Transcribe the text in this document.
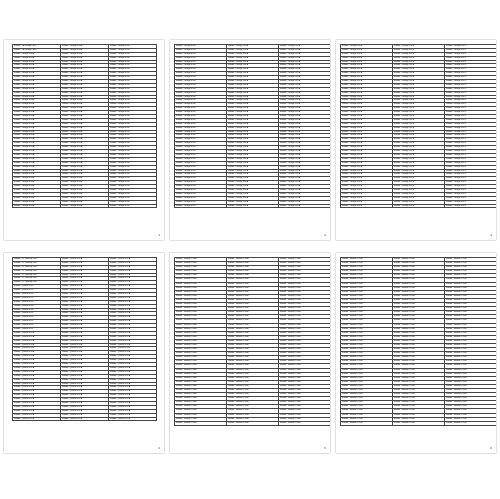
Toshiba - LA Desktop - AIO	Toshiba - Portege R30-A	Toshiba - Portege R930
Toshiba - LA Desktop - AIO	Toshiba - Portege R30-A	Toshiba - Portege R930
Toshiba - Portege R30-A	Toshiba - Portege R30-A	Toshiba - Portege R930
Toshiba - Portege R30-A	Toshiba - Portege R30-A	Toshiba - Portege R930
Toshiba - Portege R30-A	Toshiba - Portege R30-A	Toshiba - Portege R930
Toshiba - Portege R30-A	Toshiba - Portege R30-A	Toshiba - Portege R930
Toshiba - Portege R30-A	Toshiba - Portege R30-A	Toshiba - Portege R930
Toshiba - Portege R30-A	Toshiba - Portege R30-A	Toshiba - Portege R930
Toshiba - Portege R30-A	Toshiba - Portege R30-A	Toshiba - Portege R930
Toshiba - Portege R30-A	Toshiba - Portege R30-A	Toshiba - Portege R930
Toshiba - Portege R30-A	Toshiba - Portege R30-A	Toshiba - Portege R930
Toshiba - Portege R30-A	Toshiba - Portege R30-A	Toshiba - Portege R930
Toshiba - Portege R30-A	Toshiba - Portege R30-A	Toshiba - Portege R930
Toshiba - Portege R30-A	Toshiba - Portege R30-A	Toshiba - Portege R930
Toshiba - Portege R30-A	Toshiba - Portege R30-A	Toshiba - Portege R930
Toshiba - Portege R30-A	Toshiba - Portege R30-A	Toshiba - Portege R930
Toshiba - Portege R30-A	Toshiba - Portege R30-A	Toshiba - Portege R930
Toshiba - Portege R30-A	Toshiba - Portege R30-A	Toshiba - Portege R930
Toshiba - Portege R30-A	Toshiba - Portege R30-A	Toshiba - Portege R930
Toshiba - Portege R30-A	Toshiba - Portege R30-A	Toshiba - Portege R930
Toshiba - Portege R30-A	Toshiba - Portege R30-A	Toshiba - Portege R930
Toshiba - Portege R30-A	Toshiba - Portege R30-A	Toshiba - Portege R930
Toshiba - Portege R30-A	Toshiba - Portege R30-A	Toshiba - Portege R930
Toshiba - Portege R30-A	Toshiba - Portege R30-A	Toshiba - Portege R930
Toshiba - Portege R30-A	Toshiba - Portege R30-A	Toshiba - Portege R930
Toshiba - Portege R30-A	Toshiba - Portege R30-A	Toshiba - Portege R930
Toshiba - Portege R30-A	Toshiba - Portege R30-A	Toshiba - Portege R930
Toshiba - Portege R30-A	Toshiba - Portege R30-A	Toshiba - Portege R930
Toshiba - Portege R30-A	Toshiba - Portege R30-A	Toshiba - Portege R930
Toshiba - Portege R30-A	Toshiba - Portege R30-A	Toshiba - Portege R930
Toshiba - Portege R30-A	Toshiba - Portege R30-A	Toshiba - Portege R930
Toshiba - Portege R30-A	Toshiba - Portege R30-A	Toshiba - Portege R930
Toshiba - Portege R30-A	Toshiba - Portege R30-A	Toshiba - Portege R930
Toshiba - Portege R30-A	Toshiba - Portege R30-A	Toshiba - Portege R930
Toshiba - Portege R30-A	Toshiba - Portege R30-A	Toshiba - Portege R930
Toshiba - Portege R30-A	Toshiba - Portege R30-A	Toshiba - Portege R930
Toshiba - Portege R30-A	Toshiba - Portege R30-A	Toshiba - Portege R930
Toshiba - Portege R30-A	Toshiba - Portege R30-A	Toshiba - Portege R930
Toshiba - Portege R30-A	Toshiba - Portege R30-A	Toshiba - Portege R930
Toshiba - Portege R30-A	Toshiba - Portege R30-A	Toshiba - Portege R930
Toshiba - Portege R30-A	Toshiba - Portege R30-A	Toshiba - Portege R930
Toshiba - Portege R30-A	Toshiba - Portege R30-A	Toshiba - Portege R930
1
Toshiba - Portege R930	Toshiba - Portege Z30-A	Toshiba - Portege Z30-A
Toshiba - Portege R930	Toshiba - Portege Z30-A	Toshiba - Portege Z30-A
Toshiba - Portege R930	Toshiba - Portege Z30-A	Toshiba - Portege Z30-A
Toshiba - Portege R930	Toshiba - Portege Z30-A	Toshiba - Portege Z30-A
Toshiba - Portege R930	Toshiba - Portege Z30-A	Toshiba - Portege Z30-A
Toshiba - Portege R930	Toshiba - Portege Z30-A	Toshiba - Portege Z30-A
Toshiba - Portege R930	Toshiba - Portege Z30-A	Toshiba - Portege Z30-A
Toshiba - Portege R930	Toshiba - Portege Z30-A	Toshiba - Portege Z30-A
Toshiba - Portege R930	Toshiba - Portege Z30-A	Toshiba - Portege Z30-A
Toshiba - Portege R930	Toshiba - Portege Z30-A	Toshiba - Portege Z30-A
Toshiba - Portege R930	Toshiba - Portege Z30-A	Toshiba - Portege Z30-A
Toshiba - Portege R930	Toshiba - Portege Z30-A	Toshiba - Portege Z30-A
Toshiba - Portege R930	Toshiba - Portege Z30-A	Toshiba - Portege Z30-A
Toshiba - Portege R930	Toshiba - Portege Z30-A	Toshiba - Portege Z30-A
Toshiba - Portege R930	Toshiba - Portege Z30-A	Toshiba - Portege Z30-A
Toshiba - Portege R930	Toshiba - Portege Z30-A	Toshiba - Portege Z30-A
Toshiba - Portege R930	Toshiba - Portege Z30-A	Toshiba - Portege Z30-A
Toshiba - Portege R930	Toshiba - Portege Z30-A	Toshiba - Portege Z30-A
Toshiba - Portege R930	Toshiba - Portege Z30-A	Toshiba - Portege Z30-A
Toshiba - Portege R930	Toshiba - Portege Z30-A	Toshiba - Portege Z30-A
Toshiba - Portege R930	Toshiba - Portege Z30-A	Toshiba - Portege Z30-A
Toshiba - Portege R930	Toshiba - Portege Z30-A	Toshiba - Portege Z30-A
Toshiba - Portege R930	Toshiba - Portege Z30-A	Toshiba - Portege Z30-A
Toshiba - Portege R930	Toshiba - Portege Z30-A	Toshiba - Portege Z30-A
Toshiba - Portege R930	Toshiba - Portege Z30-A	Toshiba - Portege Z30-A
Toshiba - Portege R930	Toshiba - Portege Z30-A	Toshiba - Portege Z30-A
Toshiba - Portege R930	Toshiba - Portege Z30-A	Toshiba - Portege Z30-A
Toshiba - Portege R930	Toshiba - Portege Z30-A	Toshiba - Portege Z30-A
Toshiba - Portege R930	Toshiba - Portege Z30-A	Toshiba - Portege Z30-A
Toshiba - Portege R930	Toshiba - Portege Z30-A	Toshiba - Portege Z30-A
Toshiba - Portege R930	Toshiba - Portege Z30-A	Toshiba - Portege Z30-A
Toshiba - Portege R930	Toshiba - Portege Z30-A	Toshiba - Portege Z30-A
Toshiba - Portege R930	Toshiba - Portege Z30-A	Toshiba - Portege Z30-A
Toshiba - Portege R930	Toshiba - Portege Z30-A	Toshiba - Portege Z30-A
Toshiba - Portege R930	Toshiba - Portege Z30-A	Toshiba - Portege Z30-A
Toshiba - Portege R930	Toshiba - Portege Z30-A	Toshiba - Portege Z30-A
Toshiba - Portege R930	Toshiba - Portege Z30-A	Toshiba - Portege Z30-A
Toshiba - Portege R930	Toshiba - Portege Z30-A	Toshiba - Portege Z30-A
Toshiba - Portege R930	Toshiba - Portege Z30-A	Toshiba - Portege Z30-A
Toshiba - Portege R930	Toshiba - Portege Z30-A	Toshiba - Portege Z30-A
Toshiba - Portege R930	Toshiba - Portege Z30-A	Toshiba - Portege Z30-A
Toshiba - Portege R930	Toshiba - Portege Z30-A	Toshiba - Portege Z30-A
2
Toshiba - Portege Z30-B	Toshiba - Portege Z30-B	Toshiba - Portege Z30-C
Toshiba - Portege Z30-B	Toshiba - Portege Z30-B	Toshiba - Portege Z30-C
Toshiba - Portege Z30-B	Toshiba - Portege Z30-B	Toshiba - Portege Z30-C
Toshiba - Portege Z30-B	Toshiba - Portege Z30-B	Toshiba - Portege Z30-C
Toshiba - Portege Z30-B	Toshiba - Portege Z30-B	Toshiba - Portege Z30-C
Toshiba - Portege Z30-B	Toshiba - Portege Z30-B	Toshiba - Portege Z30-C
Toshiba - Portege Z30-B	Toshiba - Portege Z30-B	Toshiba - Portege Z30-C
Toshiba - Portege Z30-B	Toshiba - Portege Z30-B	Toshiba - Portege Z30-C
Toshiba - Portege Z30-B	Toshiba - Portege Z30-B	Toshiba - Portege Z30-C
Toshiba - Portege Z30-B	Toshiba - Portege Z30-B	Toshiba - Portege Z30-C
Toshiba - Portege Z30-B	Toshiba - Portege Z30-B	Toshiba - Portege Z30-C
Toshiba - Portege Z30-B	Toshiba - Portege Z30-B	Toshiba - Portege Z30-C
Toshiba - Portege Z30-B	Toshiba - Portege Z30-B	Toshiba - Portege Z30-C
Toshiba - Portege Z30-B	Toshiba - Portege Z30-B	Toshiba - Portege Z30-C
Toshiba - Portege Z30-B	Toshiba - Portege Z30-B	Toshiba - Portege Z30-C
Toshiba - Portege Z30-B	Toshiba - Portege Z30-B	Toshiba - Portege Z30-C
Toshiba - Portege Z30-B	Toshiba - Portege Z30-B	Toshiba - Portege Z30-C
Toshiba - Portege Z30-B	Toshiba - Portege Z30-B	Toshiba - Portege Z30-C
Toshiba - Portege Z30-B	Toshiba - Portege Z30-B	Toshiba - Portege Z30-C
Toshiba - Portege Z30-B	Toshiba - Portege Z30-B	Toshiba - Portege Z30-C
Toshiba - Portege Z30-B	Toshiba - Portege Z30-B	Toshiba - Portege Z30-C
Toshiba - Portege Z30-B	Toshiba - Portege Z30-B	Toshiba - Portege Z30-C
Toshiba - Portege Z30-B	Toshiba - Portege Z30-B	Toshiba - Portege Z30-C
Toshiba - Portege Z30-B	Toshiba - Portege Z30-B	Toshiba - Portege Z30-C
Toshiba - Portege Z30-B	Toshiba - Portege Z30-B	Toshiba - Portege Z30-C
Toshiba - Portege Z30-B	Toshiba - Portege Z30-B	Toshiba - Portege Z30-C
Toshiba - Portege Z30-B	Toshiba - Portege Z30-B	Toshiba - Portege Z30-C
Toshiba - Portege Z30-B	Toshiba - Portege Z30-B	Toshiba - Portege Z30-C
Toshiba - Portege Z30-B	Toshiba - Portege Z30-B	Toshiba - Portege Z30-C
Toshiba - Portege Z30-B	Toshiba - Portege Z30-B	Toshiba - Portege Z30-C
Toshiba - Portege Z30-B	Toshiba - Portege Z30-B	Toshiba - Portege Z30-C
Toshiba - Portege Z30-B	Toshiba - Portege Z30-B	Toshiba - Portege Z30-C
Toshiba - Portege Z30-B	Toshiba - Portege Z30-B	Toshiba - Portege Z30-C
Toshiba - Portege Z30-B	Toshiba - Portege Z30-B	Toshiba - Portege Z30-C
Toshiba - Portege Z30-B	Toshiba - Portege Z30-B	Toshiba - Portege Z30-C
Toshiba - Portege Z30-B	Toshiba - Portege Z30-B	Toshiba - Portege Z30-C
Toshiba - Portege Z30-B	Toshiba - Portege Z30-B	Toshiba - Portege Z30-C
Toshiba - Portege Z30-B	Toshiba - Portege Z30-B	Toshiba - Portege Z30-C
Toshiba - Portege Z30-B	Toshiba - Portege Z30-B	Toshiba - Portege Z30-C
Toshiba - Portege Z30-B	Toshiba - Portege Z30-B	Toshiba - Portege Z30-C
Toshiba - Portege Z30-B	Toshiba - Portege Z30-B	Toshiba - Portege Z30-C
Toshiba - Portege Z30-B	Toshiba - Portege Z30-B	Toshiba - Portege Z30-C
3
Toshiba - PC Desktop P300	Toshiba - Qosmio X70-A	Toshiba - Qosmio X70-A
Toshiba - PC Desktop P300	Toshiba - Qosmio X70-A	Toshiba - Qosmio X70-A
Toshiba - PC Desktop P300	Toshiba - Qosmio X70-A	Toshiba - Qosmio X70-A
Toshiba - PC Desktop P300	Toshiba - Qosmio X70-A	Toshiba - Qosmio X70-A
Toshiba - PC Desktop P300	Toshiba - Qosmio X70-A	Toshiba - Qosmio X70-A
Toshiba - PC Desktop P300	Toshiba - Qosmio X70-A	Toshiba - Qosmio X70-A
Toshiba - PC Desktop P300	Toshiba - Qosmio X70-A	Toshiba - Qosmio X70-A
Toshiba - Qosmio F750	Toshiba - Qosmio X70-A	Toshiba - Qosmio X70-A
Toshiba - Qosmio F750	Toshiba - Qosmio X70-A	Toshiba - Qosmio X70-A
Toshiba - Qosmio F750	Toshiba - Qosmio X70-A	Toshiba - Qosmio X70-A
Toshiba - Qosmio F750	Toshiba - Qosmio X70-A	Toshiba - Qosmio X70-A
Toshiba - Qosmio F750	Toshiba - Qosmio X70-A	Toshiba - Qosmio X70-A
Toshiba - Qosmio F750	Toshiba - Qosmio X70-A	Toshiba - Qosmio X70-A
Toshiba - Qosmio F750	Toshiba - Qosmio X70-A	Toshiba - Qosmio X70-A
Toshiba - Qosmio F750	Toshiba - Qosmio X70-A	Toshiba - Qosmio X70-A
Toshiba - Qosmio F750	Toshiba - Qosmio X70-A	Toshiba - Qosmio X70-A
Toshiba - Qosmio F750	Toshiba - Qosmio X70-A	Toshiba - Qosmio X70-A
Toshiba - Qosmio F750	Toshiba - Qosmio X70-A	Toshiba - Qosmio X70-A
Toshiba - Qosmio F750	Toshiba - Qosmio X70-A	Toshiba - Qosmio X70-A
Toshiba - Qosmio X70-A	Toshiba - Qosmio X70-A	Toshiba - Qosmio X70-A
Toshiba - Qosmio X70-A	Toshiba - Qosmio X70-A	Toshiba - Qosmio X70-A
Toshiba - Qosmio X70-A	Toshiba - Qosmio X70-A	Toshiba - Qosmio X70-A
Toshiba - Qosmio X70-A	Toshiba - Qosmio X70-A	Toshiba - Qosmio X70-A
Toshiba - Qosmio X70-A	Toshiba - Qosmio X70-A	Toshiba - Qosmio X70-A
Toshiba - Qosmio X70-A	Toshiba - Qosmio X70-A	Toshiba - Qosmio X70-A
Toshiba - Qosmio X70-A	Toshiba - Qosmio X70-A	Toshiba - Qosmio X70-A
Toshiba - Qosmio X70-A	Toshiba - Qosmio X70-A	Toshiba - Qosmio X70-A
Toshiba - Qosmio X70-A	Toshiba - Qosmio X70-A	Toshiba - Qosmio X70-A
Toshiba - Qosmio X70-A	Toshiba - Qosmio X70-A	Toshiba - Qosmio X70-A
Toshiba - Qosmio X70-A	Toshiba - Qosmio X70-A	Toshiba - Qosmio X70-A
Toshiba - Qosmio X70-A	Toshiba - Qosmio X70-A	Toshiba - Qosmio X70-A
Toshiba - Qosmio X70-A	Toshiba - Qosmio X70-A	Toshiba - Qosmio X70-A
Toshiba - Qosmio X70-A	Toshiba - Qosmio X70-A	Toshiba - Qosmio X70-A
Toshiba - Qosmio X70-A	Toshiba - Qosmio X70-A	Toshiba - Qosmio X70-A
Toshiba - Qosmio X70-A	Toshiba - Qosmio X70-A	Toshiba - Qosmio X70-A
Toshiba - Qosmio X70-A	Toshiba - Qosmio X70-A	Toshiba - Qosmio X70-A
Toshiba - Qosmio X70-A	Toshiba - Qosmio X70-A	Toshiba - Qosmio X70-A
Toshiba - Qosmio X70-A	Toshiba - Qosmio X70-A	Toshiba - Qosmio X70-A
Toshiba - Qosmio X70-A	Toshiba - Qosmio X70-A	Toshiba - Qosmio X70-A
Toshiba - Qosmio X70-A	Toshiba - Qosmio X70-A	Toshiba - Qosmio X70-A
Toshiba - Qosmio X70-A	Toshiba - Qosmio X70-A	Toshiba - Qosmio X70-A
Toshiba - Qosmio X70-A	Toshiba - Qosmio X70-A	Toshiba - Qosmio X70-A
4
Toshiba - Satellite C50-A	Toshiba - Satellite C50-A	Toshiba - Satellite C50-A
Toshiba - Satellite C50-A	Toshiba - Satellite C50-A	Toshiba - Satellite C50-A
Toshiba - Satellite C50-A	Toshiba - Satellite C50-A	Toshiba - Satellite C50-A
Toshiba - Satellite C50-A	Toshiba - Satellite C50-A	Toshiba - Satellite C50-A
Toshiba - Satellite C50-A	Toshiba - Satellite C50-A	Toshiba - Satellite C50-A
Toshiba - Satellite C50-A	Toshiba - Satellite C50-A	Toshiba - Satellite C50-A
Toshiba - Satellite C50-A	Toshiba - Satellite C50-A	Toshiba - Satellite C50-A
Toshiba - Satellite C50-A	Toshiba - Satellite C50-A	Toshiba - Satellite C50-A
Toshiba - Satellite C50-A	Toshiba - Satellite C50-A	Toshiba - Satellite C50-A
Toshiba - Satellite C50-A	Toshiba - Satellite C50-A	Toshiba - Satellite C50-A
Toshiba - Satellite C50-A	Toshiba - Satellite C50-A	Toshiba - Satellite C50-A
Toshiba - Satellite C50-A	Toshiba - Satellite C50-A	Toshiba - Satellite C50-A
Toshiba - Satellite C50-A	Toshiba - Satellite C50-A	Toshiba - Satellite C50-A
Toshiba - Satellite C50-A	Toshiba - Satellite C50-A	Toshiba - Satellite C50-A
Toshiba - Satellite C50-A	Toshiba - Satellite C50-A	Toshiba - Satellite C50-A
Toshiba - Satellite C50-A	Toshiba - Satellite C50-A	Toshiba - Satellite C50-A
Toshiba - Satellite C50-A	Toshiba - Satellite C50-A	Toshiba - Satellite C50-A
Toshiba - Satellite C50-A	Toshiba - Satellite C50-A	Toshiba - Satellite C50-A
Toshiba - Satellite C50-A	Toshiba - Satellite C50-A	Toshiba - Satellite C50-A
Toshiba - Satellite C50-A	Toshiba - Satellite C50-A	Toshiba - Satellite C50-A
Toshiba - Satellite C50-A	Toshiba - Satellite C50-A	Toshiba - Satellite C50-A
Toshiba - Satellite C50-A	Toshiba - Satellite C50-A	Toshiba - Satellite C50-A
Toshiba - Satellite C50-A	Toshiba - Satellite C50-A	Toshiba - Satellite C50-A
Toshiba - Satellite C50-A	Toshiba - Satellite C50-A	Toshiba - Satellite C50-A
Toshiba - Satellite C50-A	Toshiba - Satellite C50-A	Toshiba - Satellite C50-A
Toshiba - Satellite C50-A	Toshiba - Satellite C50-A	Toshiba - Satellite C50-A
Toshiba - Satellite C50-A	Toshiba - Satellite C50-A	Toshiba - Satellite C50-A
Toshiba - Satellite C50-A	Toshiba - Satellite C50-A	Toshiba - Satellite C50-A
Toshiba - Satellite C50-A	Toshiba - Satellite C50-A	Toshiba - Satellite C50-A
Toshiba - Satellite C50-A	Toshiba - Satellite C50-A	Toshiba - Satellite C50-A
Toshiba - Satellite C50-A	Toshiba - Satellite C50-A	Toshiba - Satellite C50-A
Toshiba - Satellite C50-A	Toshiba - Satellite C50-A	Toshiba - Satellite C50-A
Toshiba - Satellite C50-A	Toshiba - Satellite C50-A	Toshiba - Satellite C50-A
Toshiba - Satellite C50-A	Toshiba - Satellite C50-A	Toshiba - Satellite C50-A
Toshiba - Satellite C50-A	Toshiba - Satellite C50-A	Toshiba - Satellite C50-A
Toshiba - Satellite C50-A	Toshiba - Satellite C50-A	Toshiba - Satellite C50-A
Toshiba - Satellite C50-A	Toshiba - Satellite C50-A	Toshiba - Satellite C50-A
Toshiba - Satellite C50-A	Toshiba - Satellite C50-A	Toshiba - Satellite C50-A
Toshiba - Satellite C50-A	Toshiba - Satellite C50-A	Toshiba - Satellite C50-A
Toshiba - Satellite C50-A	Toshiba - Satellite C50-A	Toshiba - Satellite C50-A
Toshiba - Satellite C50-A	Toshiba - Satellite C50-A	Toshiba - Satellite C50-A
5
Toshiba - Satellite C55-A	Toshiba - Satellite C55-A	Toshiba - Satellite C55-A
Toshiba - Satellite C55-A	Toshiba - Satellite C55-A	Toshiba - Satellite C55-A
Toshiba - Satellite C55-A	Toshiba - Satellite C55-A	Toshiba - Satellite C55-A
Toshiba - Satellite C55-A	Toshiba - Satellite C55-A	Toshiba - Satellite C55-A
Toshiba - Satellite C55-A	Toshiba - Satellite C55-A	Toshiba - Satellite C55-A
Toshiba - Satellite C55-A	Toshiba - Satellite C55-A	Toshiba - Satellite C55-A
Toshiba - Satellite C55-A	Toshiba - Satellite C55-A	Toshiba - Satellite C55-A
Toshiba - Satellite C55-A	Toshiba - Satellite C55-A	Toshiba - Satellite C55-A
Toshiba - Satellite C55-A	Toshiba - Satellite C55-A	Toshiba - Satellite C55-A
Toshiba - Satellite C55-A	Toshiba - Satellite C55-A	Toshiba - Satellite C55-A
Toshiba - Satellite C55-A	Toshiba - Satellite C55-A	Toshiba - Satellite C55-A
Toshiba - Satellite C55-A	Toshiba - Satellite C55-A	Toshiba - Satellite C55-A
Toshiba - Satellite C55-A	Toshiba - Satellite C55-A	Toshiba - Satellite C55-A
Toshiba - Satellite C55-A	Toshiba - Satellite C55-A	Toshiba - Satellite C55-A
Toshiba - Satellite C55-A	Toshiba - Satellite C55-A	Toshiba - Satellite C55-A
Toshiba - Satellite C55-A	Toshiba - Satellite C55-A	Toshiba - Satellite C55-A
Toshiba - Satellite C55-A	Toshiba - Satellite C55-A	Toshiba - Satellite C55-A
Toshiba - Satellite C55-A	Toshiba - Satellite C55-A	Toshiba - Satellite C55-A
Toshiba - Satellite C55-A	Toshiba - Satellite C55-A	Toshiba - Satellite C55-A
Toshiba - Satellite C55-A	Toshiba - Satellite C55-A	Toshiba - Satellite C55-A
Toshiba - Satellite C55-A	Toshiba - Satellite C55-A	Toshiba - Satellite C55-A
Toshiba - Satellite C55-A	Toshiba - Satellite C55-A	Toshiba - Satellite C55-A
Toshiba - Satellite C55-A	Toshiba - Satellite C55-A	Toshiba - Satellite C55-A
Toshiba - Satellite C55-A	Toshiba - Satellite C55-A	Toshiba - Satellite C55-A
Toshiba - Satellite C55-A	Toshiba - Satellite C55-A	Toshiba - Satellite C55-A
Toshiba - Satellite C55-A	Toshiba - Satellite C55-A	Toshiba - Satellite C55-A
Toshiba - Satellite C55-A	Toshiba - Satellite C55-A	Toshiba - Satellite C55-A
Toshiba - Satellite C55-A	Toshiba - Satellite C55-A	Toshiba - Satellite C55-A
Toshiba - Satellite C55-A	Toshiba - Satellite C55-A	Toshiba - Satellite C55-A
Toshiba - Satellite C55-A	Toshiba - Satellite C55-A	Toshiba - Satellite C55-A
Toshiba - Satellite C55-A	Toshiba - Satellite C55-A	Toshiba - Satellite C55-A
Toshiba - Satellite C55-A	Toshiba - Satellite C55-A	Toshiba - Satellite C55-A
Toshiba - Satellite C55-A	Toshiba - Satellite C55-A	Toshiba - Satellite C55-A
Toshiba - Satellite C55-A	Toshiba - Satellite C55-A	Toshiba - Satellite C55-A
Toshiba - Satellite C55-A	Toshiba - Satellite C55-A	Toshiba - Satellite C55-A
Toshiba - Satellite C55-A	Toshiba - Satellite C55-A	Toshiba - Satellite C55-A
Toshiba - Satellite C55-A	Toshiba - Satellite C55-A	Toshiba - Satellite C55-A
Toshiba - Satellite C55-A	Toshiba - Satellite C55-A	Toshiba - Satellite C55-A
Toshiba - Satellite C55-A	Toshiba - Satellite C55-A	Toshiba - Satellite C55-A
Toshiba - Satellite C55-A	Toshiba - Satellite C55-A	Toshiba - Satellite C55-A
Toshiba - Satellite C55-A	Toshiba - Satellite C55-A	Toshiba - Satellite C55-A
6
